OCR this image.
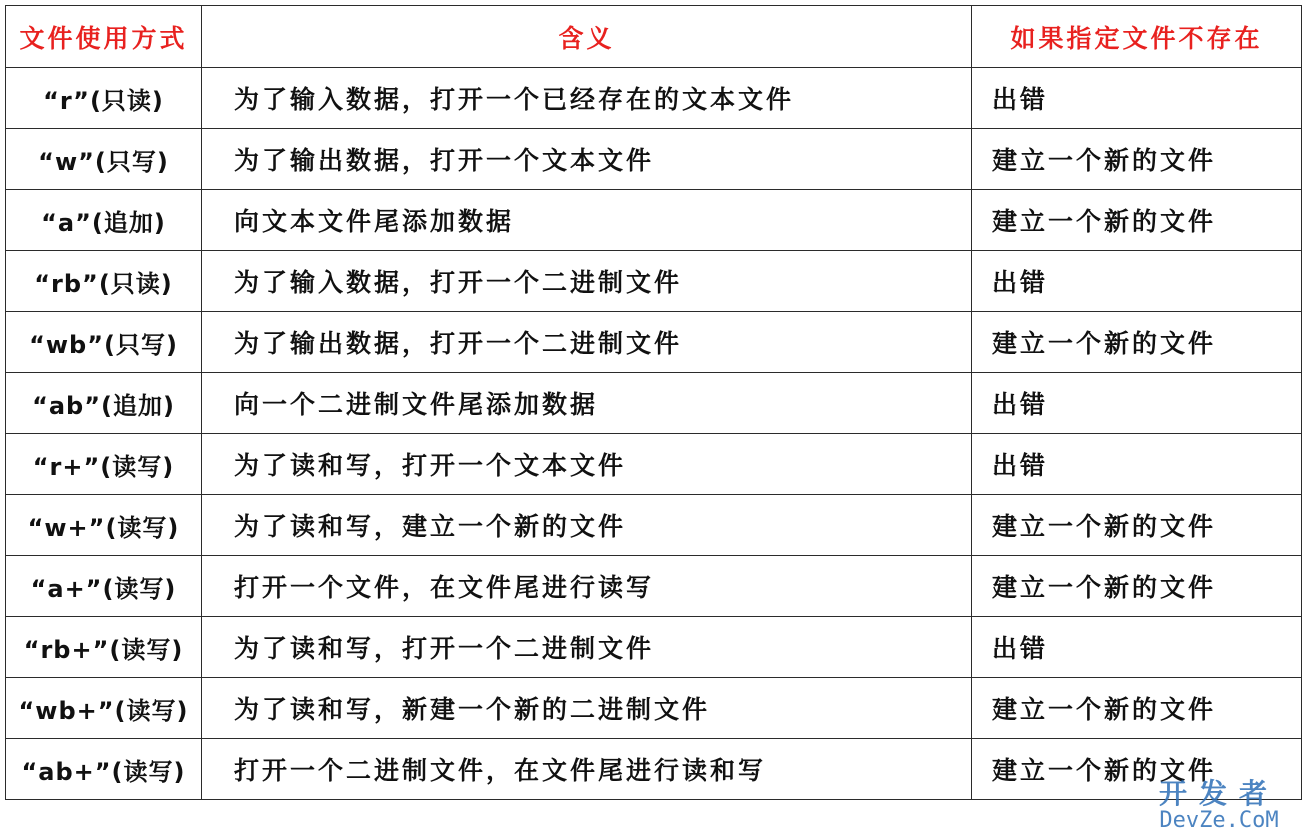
文件使用方式	含义	如果指定文件不存在
“r”(只读)	为了输入数据，打开一个已经存在的文本文件	出错
“w”(只写)	为了输出数据，打开一个文本文件	建立一个新的文件
“a”(追加)	向文本文件尾添加数据	建立一个新的文件
“rb”(只读)	为了输入数据，打开一个二进制文件	出错
“wb”(只写)	为了输出数据，打开一个二进制文件	建立一个新的文件
“ab”(追加)	向一个二进制文件尾添加数据	出错
“r+”(读写)	为了读和写，打开一个文本文件	出错
“w+”(读写)	为了读和写，建立一个新的文件	建立一个新的文件
“a+”(读写)	打开一个文件，在文件尾进行读写	建立一个新的文件
“rb+”(读写)	为了读和写，打开一个二进制文件	出错
“wb+”(读写)	为了读和写，新建一个新的二进制文件	建立一个新的文件
“ab+”(读写)	打开一个二进制文件，在文件尾进行读和写	建立一个新的文件
开发者
DevZe.CoM
